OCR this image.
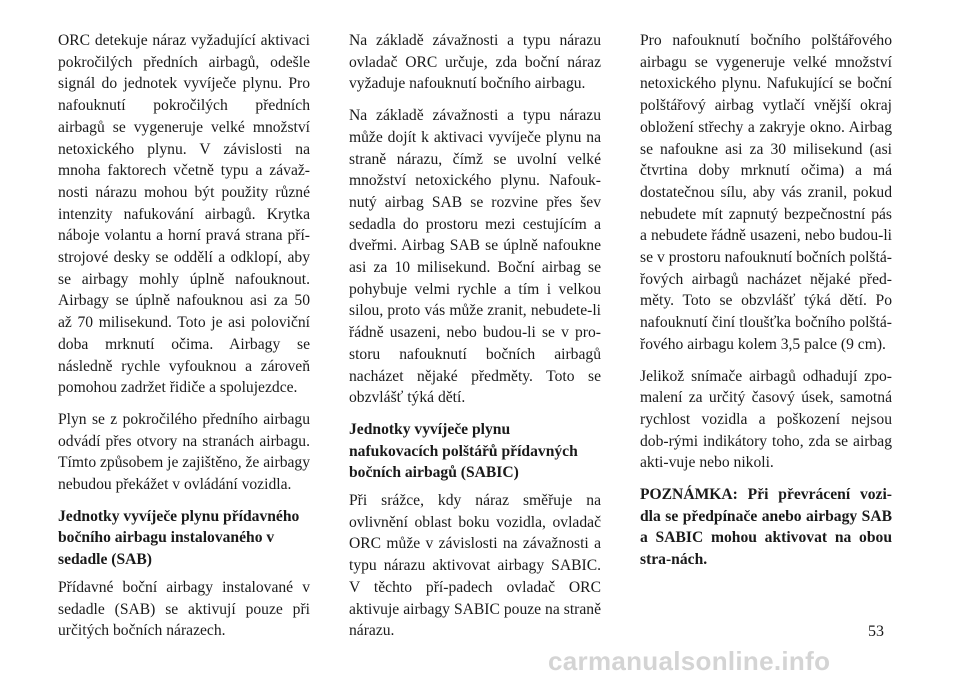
ORC detekuje náraz vyžadující aktivaci pokročilých předních airbagů, odešle signál do jednotek vyvíječe plynu. Pro nafouknutí pokročilých předních airbagů se vygeneruje velké množství netoxického plynu. V závislosti na mnoha faktorech včetně typu a závaž-nosti nárazu mohou být použity různé intenzity nafukování airbagů. Krytka náboje volantu a horní pravá strana pří-strojové desky se oddělí a odklopí, aby se airbagy mohly úplně nafouknout. Airbagy se úplně nafouknou asi za 50 až 70 milisekund. Toto je asi poloviční doba mrknutí očima. Airbagy se následně rychle vyfouknou a zároveň pomohou zadržet řidiče a spolujezdce.

Plyn se z pokročilého předního airbagu odvádí přes otvory na stranách airbagu. Tímto způsobem je zajištěno, že airbagy nebudou překážet v ovládání vozidla.

Jednotky vyvíječe plynu přídavného bočního airbagu instalovaného v sedadle (SAB)

Přídavné boční airbagy instalované v sedadle (SAB) se aktivují pouze při určitých bočních nárazech.

Na základě závažnosti a typu nárazu ovladač ORC určuje, zda boční náraz vyžaduje nafouknutí bočního airbagu.

Na základě závažnosti a typu nárazu může dojít k aktivaci vyvíječe plynu na straně nárazu, čímž se uvolní velké množství netoxického plynu. Nafouk-nutý airbag SAB se rozvine přes šev sedadla do prostoru mezi cestujícím a dveřmi. Airbag SAB se úplně nafoukne asi za 10 milisekund. Boční airbag se pohybuje velmi rychle a tím i velkou silou, proto vás může zranit, nebudete-li řádně usazeni, nebo budou-li se v pro-storu nafouknutí bočních airbagů nacházet nějaké předměty. Toto se obzvlášť týká dětí.

Jednotky vyvíječe plynu nafukovacích polštářů přídavných bočních airbagů (SABIC)

Při srážce, kdy náraz směřuje na ovlivnění oblast boku vozidla, ovladač ORC může v závislosti na závažnosti a typu nárazu aktivovat airbagy SABIC. V těchto pří-padech ovladač ORC aktivuje airbagy SABIC pouze na straně nárazu.

Pro nafouknutí bočního polštářového airbagu se vygeneruje velké množství netoxického plynu. Nafukující se boční polštářový airbag vytlačí vnější okraj obložení střechy a zakryje okno. Airbag se nafoukne asi za 30 milisekund (asi čtvrtina doby mrknutí očima) a má dostatečnou sílu, aby vás zranil, pokud nebudete mít zapnutý bezpečnostní pás a nebudete řádně usazeni, nebo budou-li se v prostoru nafouknutí bočních polštá-řových airbagů nacházet nějaké před-měty. Toto se obzvlášť týká dětí. Po nafouknutí činí tloušťka bočního polštá-řového airbagu kolem 3,5 palce (9 cm).

Jelikož snímače airbagů odhadují zpo-malení za určitý časový úsek, samotná rychlost vozidla a poškození nejsou dob-rými indikátory toho, zda se airbag akti-vuje nebo nikoli.

POZNÁMKA: Při převrácení vozi-dla se předpínače anebo airbagy SAB a SABIC mohou aktivovat na obou stra-nách.

53
carmanualsonline.info
